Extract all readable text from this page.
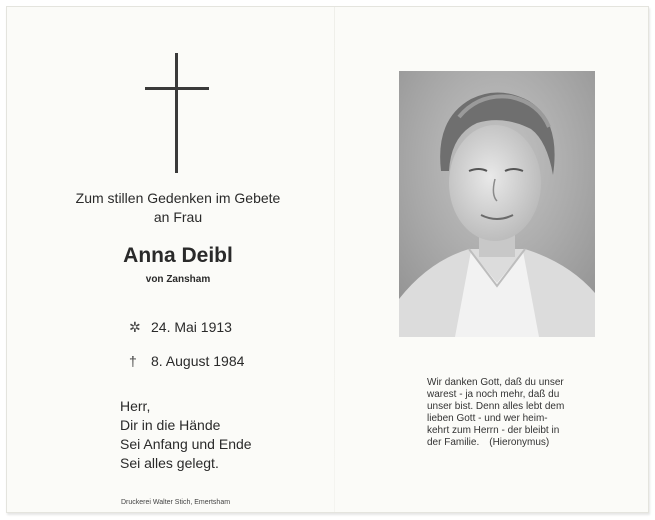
Zum stillen Gedenken im Gebete
an Frau
Anna Deibl
von Zansham
✲ 24. Mai 1913
† 8. August 1984
Herr,
Dir in die Hände
Sei Anfang und Ende
Sei alles gelegt.
Druckerei Walter Stich, Emertsham
Wir danken Gott, daß du unser
warest - ja noch mehr, daß du
unser bist. Denn alles lebt dem
lieben Gott - und wer heim-
kehrt zum Herrn - der bleibt in
der Familie. (Hieronymus)
